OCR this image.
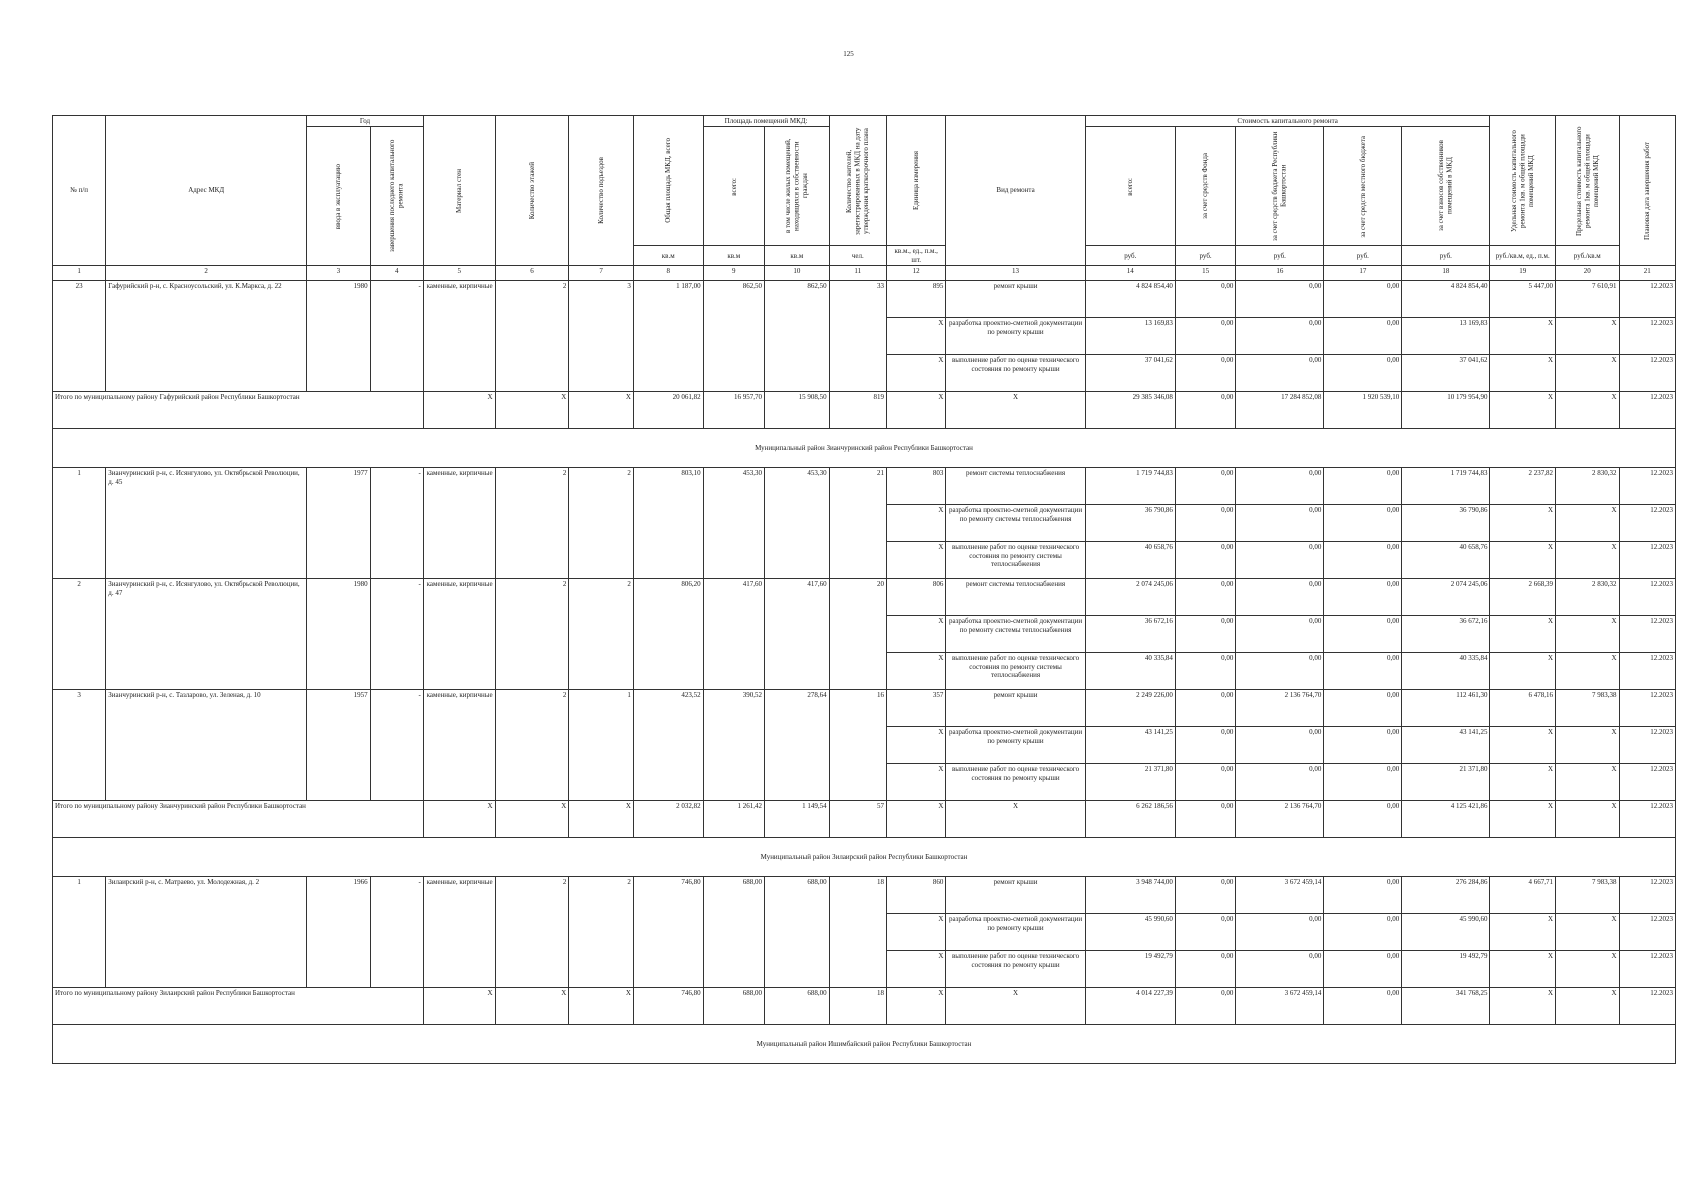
125
№ п/п	Адрес МКД	Год		Материал стен	Количество этажей	Количество подъездов	Общая площадь МКД, всего	Площадь помещений МКД:		Количество жителей, зарегистрированных в МКД на дату утверждения краткосрочного плана	Единица измерения	Вид ремонта	Стоимость капитального ремонта					Удельная стоимость капитального ремонта 1кв. м общей площади помещений МКД	Предельная стоимость капитального ремонта 1кв. м общей площади помещений МКД	Плановая дата завершения работ

		ввода в эксплуатацию	завершения последнего капитального ремонта					всего:	в том числе жилых помещений, находящихся в собственности граждан				всего:	за счет средств Фонда	за счет средств бюджета Республики Башкортостан	за счет средств местного бюджета	за счет взносов собственников помещений в МКД			

							кв.м	кв.м	кв.м	чел.	кв.м., ед., п.м., шт.		руб.	руб.	руб.	руб.	руб.	руб./кв.м, ед., п.м.	руб./кв.м	
1	2	3	4	5	6	7	8	9	10	11	12	13	14	15	16	17	18	19	20	21
23	Гафурийский р-н, с. Красноусольский, ул. К.Маркса, д. 22	1980	-	каменные, кирпичные	2	3	1 187,00	862,50	862,50	33	895	ремонт крыши	4 824 854,40	0,00	0,00	0,00	4 824 854,40	5 447,00	7 610,91	12.2023
											X	разработка проектно-сметной документации по ремонту крыши	13 169,83	0,00	0,00	0,00	13 169,83	X	X	12.2023
											X	выполнение работ по оценке технического состояния по ремонту крыши	37 041,62	0,00	0,00	0,00	37 041,62	X	X	12.2023
Итого по муниципальному району Гафурийский район Республики Башкортостан				X	X	X	20 061,82	16 957,70	15 908,50	819	X	X	29 385 346,08	0,00	17 284 852,08	1 920 539,10	10 179 954,90	X	X	12.2023
Муниципальный район Зианчуринский район Республики Башкортостан																				
1	Зианчуринский р-н, с. Исянгулово, ул. Октябрьской Революции, д. 45	1977	-	каменные, кирпичные	2	2	803,10	453,30	453,30	21	803	ремонт системы теплоснабжения	1 719 744,83	0,00	0,00	0,00	1 719 744,83	2 237,82	2 830,32	12.2023
											X	разработка проектно-сметной документации по ремонту системы теплоснабжения	36 790,86	0,00	0,00	0,00	36 790,86	X	X	12.2023
											X	выполнение работ по оценке технического состояния по ремонту системы теплоснабжения	40 658,76	0,00	0,00	0,00	40 658,76	X	X	12.2023
2	Зианчуринский р-н, с. Исянгулово, ул. Октябрьской Революции, д. 47	1980	-	каменные, кирпичные	2	2	806,20	417,60	417,60	20	806	ремонт системы теплоснабжения	2 074 245,06	0,00	0,00	0,00	2 074 245,06	2 668,39	2 830,32	12.2023
											X	разработка проектно-сметной документации по ремонту системы теплоснабжения	36 672,16	0,00	0,00	0,00	36 672,16	X	X	12.2023
											X	выполнение работ по оценке технического состояния по ремонту системы теплоснабжения	40 335,84	0,00	0,00	0,00	40 335,84	X	X	12.2023
3	Зианчуринский р-н, с. Тазларово, ул. Зеленая, д. 10	1957	-	каменные, кирпичные	2	1	423,52	390,52	278,64	16	357	ремонт крыши	2 249 226,00	0,00	2 136 764,70	0,00	112 461,30	6 478,16	7 983,38	12.2023
											X	разработка проектно-сметной документации по ремонту крыши	43 141,25	0,00	0,00	0,00	43 141,25	X	X	12.2023
											X	выполнение работ по оценке технического состояния по ремонту крыши	21 371,80	0,00	0,00	0,00	21 371,80	X	X	12.2023
Итого по муниципальному району Зианчуринский район Республики Башкортостан				X	X	X	2 032,82	1 261,42	1 149,54	57	X	X	6 262 186,56	0,00	2 136 764,70	0,00	4 125 421,86	X	X	12.2023
Муниципальный район Зилаирский район Республики Башкортостан																				
1	Зилаирский р-н, с. Матраево, ул. Молодежная, д. 2	1966	-	каменные, кирпичные	2	2	746,80	688,00	688,00	18	860	ремонт крыши	3 948 744,00	0,00	3 672 459,14	0,00	276 284,86	4 667,71	7 983,38	12.2023
											X	разработка проектно-сметной документации по ремонту крыши	45 990,60	0,00	0,00	0,00	45 990,60	X	X	12.2023
											X	выполнение работ по оценке технического состояния по ремонту крыши	19 492,79	0,00	0,00	0,00	19 492,79	X	X	12.2023
Итого по муниципальному району Зилаирский район Республики Башкортостан				X	X	X	746,80	688,00	688,00	18	X	X	4 014 227,39	0,00	3 672 459,14	0,00	341 768,25	X	X	12.2023
Муниципальный район Ишимбайский район Республики Башкортостан																				
